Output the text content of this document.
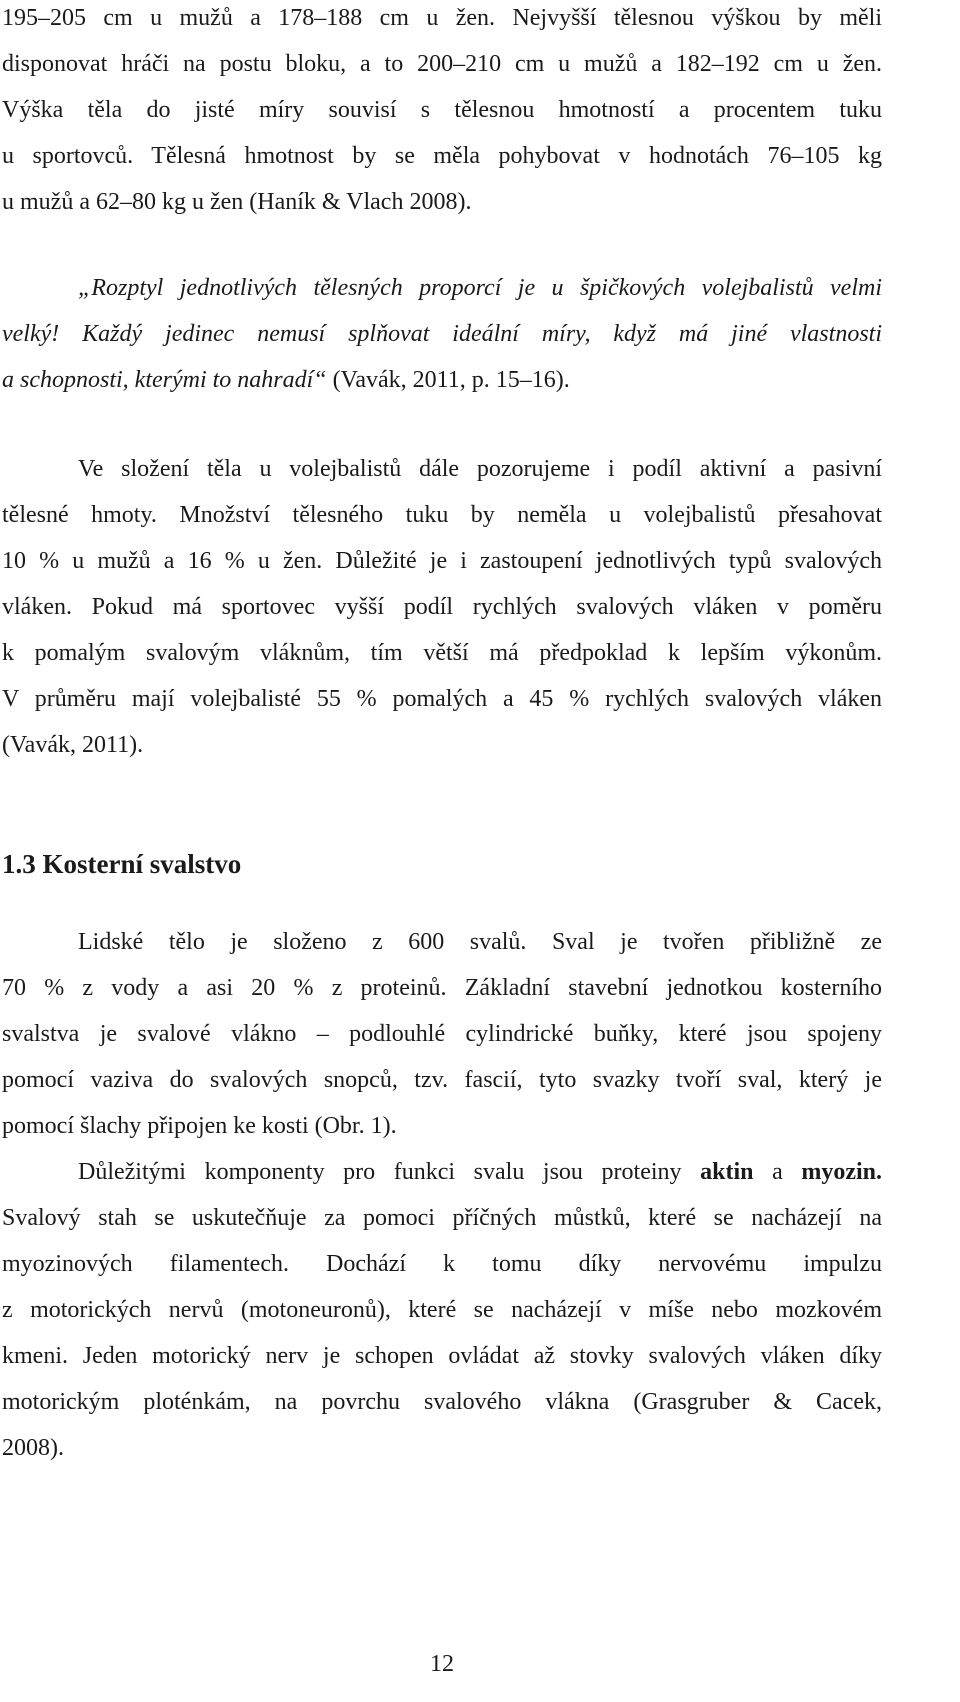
195–205 cm u mužů a 178–188 cm u žen. Nejvyšší tělesnou výškou by měli
disponovat hráči na postu bloku, a to 200–210 cm u mužů a 182–192 cm u žen.
Výška těla do jisté míry souvisí s tělesnou hmotností a procentem tuku
u sportovců. Tělesná hmotnost by se měla pohybovat v hodnotách 76–105 kg
u mužů a 62–80 kg u žen (Haník & Vlach 2008).
„Rozptyl jednotlivých tělesných proporcí je u špičkových volejbalistů velmi
velký! Každý jedinec nemusí splňovat ideální míry, když má jiné vlastnosti
a schopnosti, kterými to nahradí“ (Vavák, 2011, p. 15–16).
Ve složení těla u volejbalistů dále pozorujeme i podíl aktivní a pasivní
tělesné hmoty. Množství tělesného tuku by neměla u volejbalistů přesahovat
10 % u mužů a 16 % u žen. Důležité je i zastoupení jednotlivých typů svalových
vláken. Pokud má sportovec vyšší podíl rychlých svalových vláken v poměru
k pomalým svalovým vláknům, tím větší má předpoklad k lepším výkonům.
V průměru mají volejbalisté 55 % pomalých a 45 % rychlých svalových vláken
(Vavák, 2011).
1.3 Kosterní svalstvo
Lidské tělo je složeno z 600 svalů. Sval je tvořen přibližně ze
70 % z vody a asi 20 % z proteinů. Základní stavební jednotkou kosterního
svalstva je svalové vlákno – podlouhlé cylindrické buňky, které jsou spojeny
pomocí vaziva do svalových snopců, tzv. fascií, tyto svazky tvoří sval, který je
pomocí šlachy připojen ke kosti (Obr. 1).
Důležitými komponenty pro funkci svalu jsou proteiny aktin a myozin.
Svalový stah se uskutečňuje za pomoci příčných můstků, které se nacházejí na
myozinových filamentech. Dochází k tomu díky nervovému impulzu
z motorických nervů (motoneuronů), které se nacházejí v míše nebo mozkovém
kmeni. Jeden motorický nerv je schopen ovládat až stovky svalových vláken díky
motorickým ploténkám, na povrchu svalového vlákna (Grasgruber & Cacek,
2008).
12
